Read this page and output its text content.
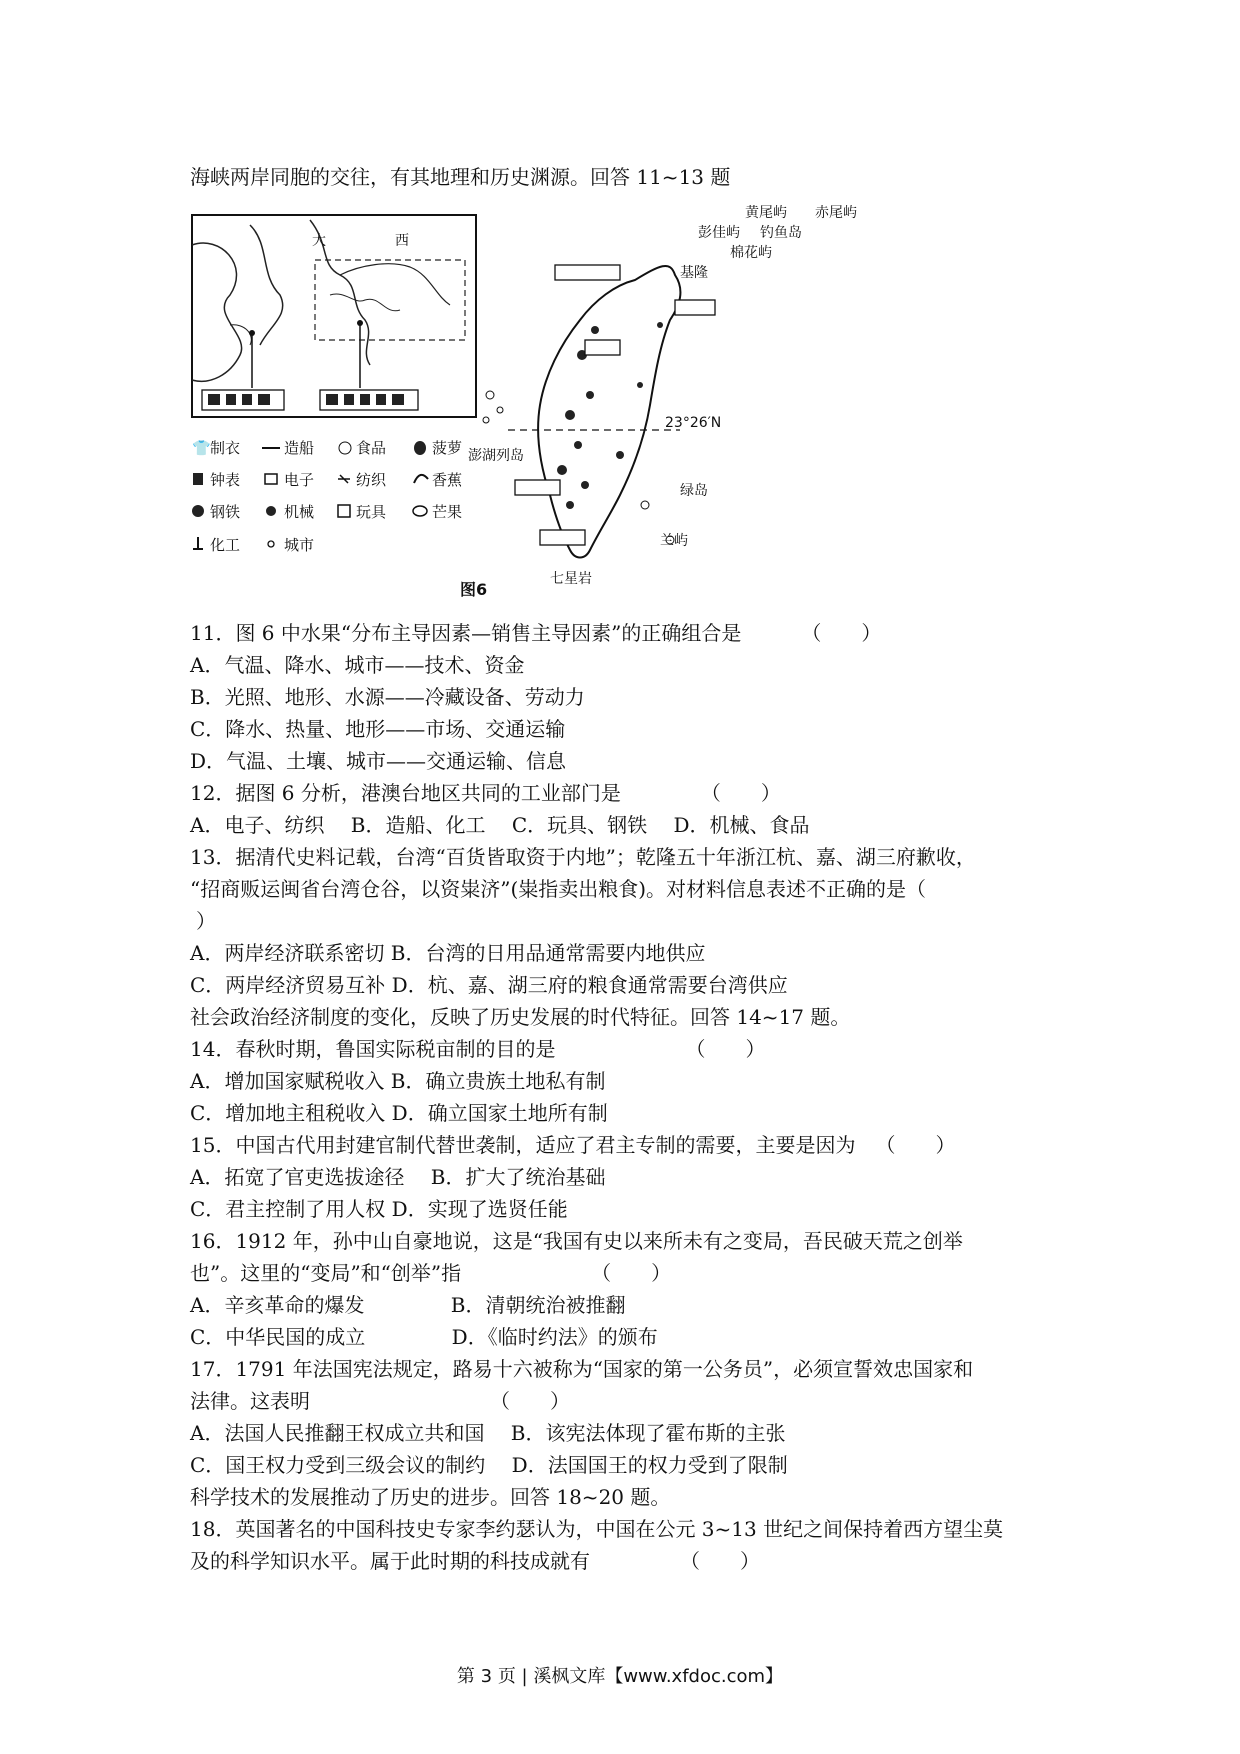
海峡两岸同胞的交往，有其地理和历史渊源。回答 11~13 题
大	西
👕 制衣	造船	食品	菠萝
钟表	电子	纺织	香蕉
钢铁	机械	玩具	芒果
化工	城市
黄尾屿 赤尾屿
彭佳屿 钓鱼岛
棉花屿
基隆
澎湖列岛
绿岛
兰屿
七星岩
23°26′N
图6
11．图 6 中水果“分布主导因素—销售主导因素”的正确组合是	（　　）
A．气温、降水、城市——技术、资金
B．光照、地形、水源——冷藏设备、劳动力
C．降水、热量、地形——市场、交通运输
D．气温、土壤、城市——交通运输、信息
12．据图 6 分析，港澳台地区共同的工业部门是	（　　）
A．电子、纺织　 B．造船、化工　 C．玩具、钢铁　 D．机械、食品
13．据清代史料记载，台湾“百货皆取资于内地”；乾隆五十年浙江杭、嘉、湖三府歉收，
“招商贩运闽省台湾仓谷，以资粜济”(粜指卖出粮食)。对材料信息表述不正确的是（
）
A．两岸经济联系密切 B．台湾的日用品通常需要内地供应
C．两岸经济贸易互补 D．杭、嘉、湖三府的粮食通常需要台湾供应
社会政治经济制度的变化，反映了历史发展的时代特征。回答 14~17 题。
14．春秋时期，鲁国实际税亩制的目的是	（　　）
A．增加国家赋税收入 B．确立贵族土地私有制
C．增加地主租税收入 D．确立国家土地所有制
15．中国古代用封建官制代替世袭制，适应了君主专制的需要，主要是因为 （　　）
A．拓宽了官吏选拔途径　 B．扩大了统治基础
C．君主控制了用人权 D．实现了选贤任能
16．1912 年，孙中山自豪地说，这是“我国有史以来所未有之变局，吾民破天荒之创举
也”。这里的“变局”和“创举”指	（　　）
A．辛亥革命的爆发　　　　 B．清朝统治被推翻
C．中华民国的成立　　　　 D．《临时约法》的颁布
17．1791 年法国宪法规定，路易十六被称为“国家的第一公务员”，必须宣誓效忠国家和
法律。这表明	（　　）
A．法国人民推翻王权成立共和国　 B．该宪法体现了霍布斯的主张
C．国王权力受到三级会议的制约　 D．法国国王的权力受到了限制
科学技术的发展推动了历史的进步。回答 18~20 题。
18．英国著名的中国科技史专家李约瑟认为，中国在公元 3~13 世纪之间保持着西方望尘莫
及的科学知识水平。属于此时期的科技成就有	（　　）
第 3 页 | 溪枫文库【www.xfdoc.com】
